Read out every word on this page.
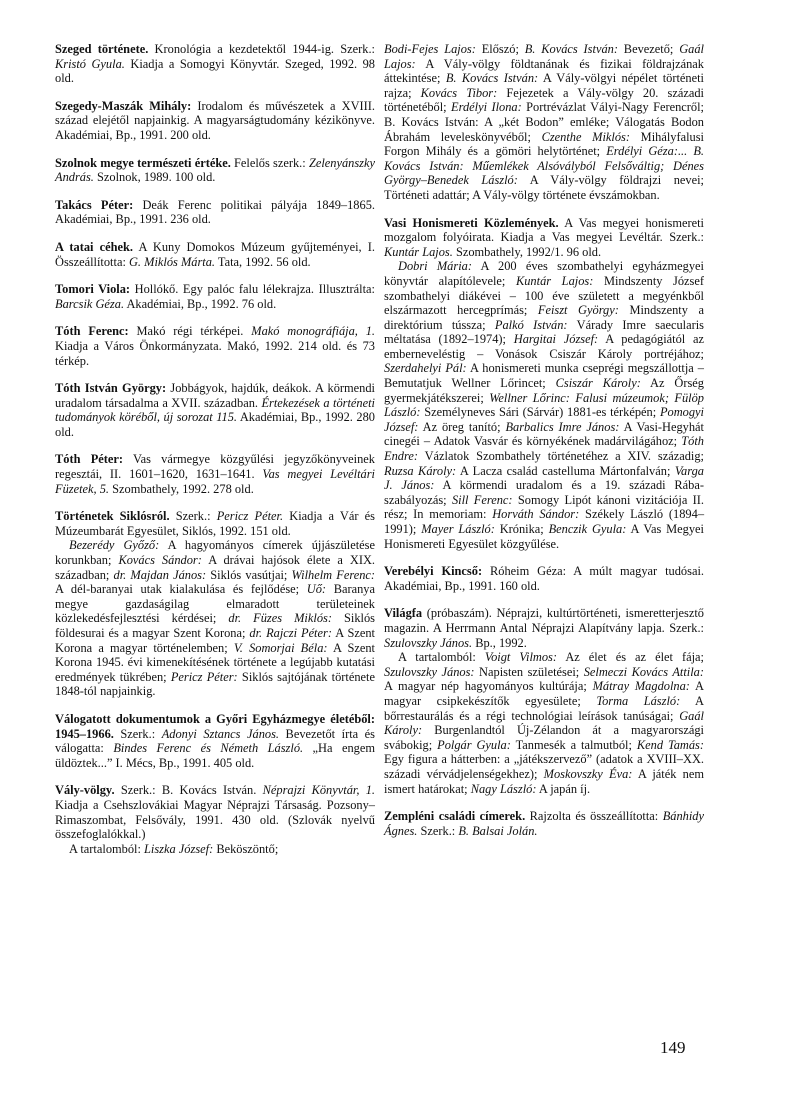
Szeged története. Kronológia a kezdetektől 1944-ig. Szerk.: Kristó Gyula. Kiadja a Somogyi Könyvtár. Szeged, 1992. 98 old.

Szegedy-Maszák Mihály: Irodalom és művészetek a XVIII. század elejétől napjainkig. A magyarságtudomány kézikönyve. Akadémiai, Bp., 1991. 200 old.

Szolnok megye természeti értéke. Felelős szerk.: Zelenyánszky András. Szolnok, 1989. 100 old.

Takács Péter: Deák Ferenc politikai pályája 1849–1865. Akadémiai, Bp., 1991. 236 old.

A tatai céhek. A Kuny Domokos Múzeum gyűjteményei, I. Összeállította: G. Miklós Márta. Tata, 1992. 56 old.

Tomori Viola: Hollókő. Egy palóc falu lélekrajza. Illusztrálta: Barcsik Géza. Akadémiai, Bp., 1992. 76 old.

Tóth Ferenc: Makó régi térképei. Makó monográfiája, 1. Kiadja a Város Önkormányzata. Makó, 1992. 214 old. és 73 térkép.

Tóth István György: Jobbágyok, hajdúk, deákok. A körmendi uradalom társadalma a XVII. században. Értekezések a történeti tudományok köréből, új sorozat 115. Akadémiai, Bp., 1992. 280 old.

Tóth Péter: Vas vármegye közgyűlési jegyzőkönyveinek regesztái, II. 1601–1620, 1631–1641. Vas megyei Levéltári Füzetek, 5. Szombathely, 1992. 278 old.

Történetek Siklósról. Szerk.: Pericz Péter. Kiadja a Vár és Múzeumbarát Egyesület, Siklós, 1992. 151 old.

Bezerédy Győző: A hagyományos címerek újjászületése korunkban; Kovács Sándor: A drávai hajósok élete a XIX. században; dr. Majdan János: Siklós vasútjai; Wilhelm Ferenc: A dél-baranyai utak kialakulása és fejlődése; Uő: Baranya megye gazdaságilag elmaradott területeinek közlekedésfejlesztési kérdései; dr. Füzes Miklós: Siklós földesurai és a magyar Szent Korona; dr. Rajczi Péter: A Szent Korona a magyar történelemben; V. Somorjai Béla: A Szent Korona 1945. évi kimenekítésének története a legújabb kutatási eredmények tükrében; Pericz Péter: Siklós sajtójának története 1848-tól napjainkig.

Válogatott dokumentumok a Győri Egyházmegye életéből: 1945–1966. Szerk.: Adonyi Sztancs János. Bevezetőt írta és válogatta: Bindes Ferenc és Németh László. „Ha engem üldöztek...” I. Mécs, Bp., 1991. 405 old.

Vály-völgy. Szerk.: B. Kovács István. Néprajzi Könyvtár, 1. Kiadja a Csehszlovákiai Magyar Néprajzi Társaság. Pozsony–Rimaszombat, Felsővály, 1991. 430 old. (Szlovák nyelvű összefoglalókkal.)

A tartalomból: Liszka József: Beköszöntő;

Bodi-Fejes Lajos: Előszó; B. Kovács István: Bevezető; Gaál Lajos: A Vály-völgy földtanának és fizikai földrajzának áttekintése; B. Kovács István: A Vály-völgyi népélet történeti rajza; Kovács Tibor: Fejezetek a Vály-völgy 20. századi történetéből; Erdélyi Ilona: Portrévázlat Vályi-Nagy Ferencről; B. Kovács István: A „két Bodon” emléke; Válogatás Bodon Ábrahám leveleskönyvéből; Czenthe Miklós: Mihályfalusi Forgon Mihály és a gömöri helytörténet; Erdélyi Géza:... B. Kovács István: Műemlékek Alsóvályból Felsőváltig; Dénes György–Benedek László: A Vály-völgy földrajzi nevei; Történeti adattár; A Vály-völgy története évszámokban.

Vasi Honismereti Közlemények. A Vas megyei honismereti mozgalom folyóirata. Kiadja a Vas megyei Levéltár. Szerk.: Kuntár Lajos. Szombathely, 1992/1. 96 old.

Dobri Mária: A 200 éves szombathelyi egyházmegyei könyvtár alapítólevele; Kuntár Lajos: Mindszenty József szombathelyi diákévei – 100 éve született a megyénkből elszármazott hercegprímás; Feiszt György: Mindszenty a direktórium tússza; Palkó István: Várady Imre saecularis méltatása (1892–1974); Hargitai József: A pedagógiától az emberneveléstig – Vonások Csiszár Károly portréjához; Szerdahelyi Pál: A honismereti munka cseprégi megszállottja – Bemutatjuk Wellner Lőrincet; Csiszár Károly: Az Őrség gyermekjátékszerei; Wellner Lőrinc: Falusi múzeumok; Fülöp László: Személyneves Sári (Sárvár) 1881-es térképén; Pomogyi József: Az öreg tanító; Barbalics Imre János: A Vasi-Hegyhát cinegéi – Adatok Vasvár és környékének madárvilágához; Tóth Endre: Vázlatok Szombathely történetéhez a XIV. századig; Ruzsa Károly: A Lacza család castelluma Mártonfalván; Varga J. János: A körmendi uradalom és a 19. századi Rába-szabályozás; Sill Ferenc: Somogy Lipót kánoni vizitációja II. rész; In memoriam: Horváth Sándor: Székely László (1894–1991); Mayer László: Krónika; Benczik Gyula: A Vas Megyei Honismereti Egyesület közgyűlése.

Verebélyi Kincső: Róheim Géza: A múlt magyar tudósai. Akadémiai, Bp., 1991. 160 old.

Világfa (próbaszám). Néprajzi, kultúrtörténeti, ismeretterjesztő magazin. A Herrmann Antal Néprajzi Alapítvány lapja. Szerk.: Szulovszky János. Bp., 1992.

A tartalomból: Voigt Vilmos: Az élet és az élet fája; Szulovszky János: Napisten születései; Selmeczi Kovács Attila: A magyar nép hagyományos kultúrája; Mátray Magdolna: A magyar csipkekészítők egyesülete; Torma László: A bőrrestaurálás és a régi technológiai leírások tanúságai; Gaál Károly: Burgenlandtól Új-Zélandon át a magyarországi svábokig; Polgár Gyula: Tanmesék a talmutból; Kend Tamás: Egy figura a hátterben: a „játékszervező” (adatok a XVIII–XX. századi vérvádjelenségekhez); Moskovszky Éva: A játék nem ismert határokat; Nagy László: A japán íj.

Zempléni családi címerek. Rajzolta és összeállította: Bánhidy Ágnes. Szerk.: B. Balsai Jolán.

149
